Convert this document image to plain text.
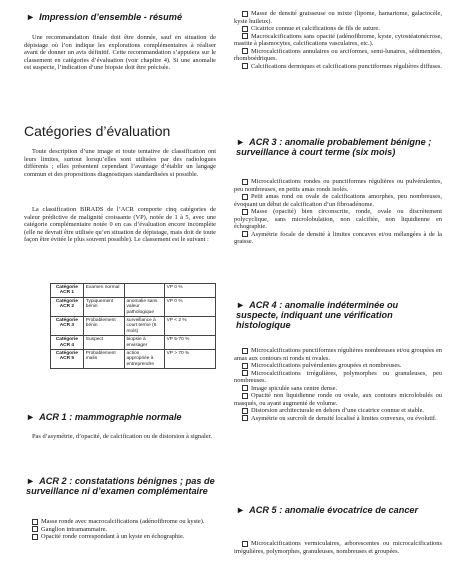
► Impression d’ensemble - résumé

Une recommandation finale doit être donnée, sauf en situation de dépistage où l’on indique les explorations complémentaires à réaliser avant de donner un avis définitif. Cette recommandation s’appuiera sur le classement en catégories d’évaluation (voir chapitre 4). Si une anomalie est suspecte, l’indication d’une biopsie doit être précisée.

Catégories d’évaluation

Toute description d’une image et toute tentative de classification ont leurs limites, surtout lorsqu’elles sont utilisées par des radiologues différents ; elles présentent cependant l’avantage d’établir un langage commun et des propositions diagnostiques standardisées si possible.

La classification BIRADS de l’ACR comporte cinq catégories de valeur prédictive de malignité croissante (VP), notée de 1 à 5, avec une catégorie complémentaire notée 0 en cas d’évaluation encore incomplète (elle ne devrait être utilisée qu’en situation de dépistage, mais doit de toute façon être évitée le plus souvent possible). Le classement est le suivant :

Catégorie ACR 1	Examen normal		VP 0 %
Catégorie ACR 2	Typiquement bénin	anomalie sans valeur pathologique	VP 0 %
Catégorie ACR 3	Probablement bénin	surveillance à court terme (6 mois)	VP < 2 %
Catégorie ACR 4	Suspect	biopsie à envisager	VP 5-70 %
Catégorie ACR 5	Probablement malin	action appropriée à entreprendre	VP > 70 %
► ACR 1 : mammographie normale

Pas d’asymétrie, d’opacité, de calcification ou de distorsion à signaler.

► ACR 2 : constatations bénignes ; pas de surveillance ni d’examen complémentaire

Masse ronde avec macrocalcifications (adénofibrome ou kyste).

Ganglion intramammaire.

Opacité ronde correspondant à un kyste en échographie.

Masse de densité graisseuse ou mixte (lipome, hamartome, galactocèle, kyste huileux).

Cicatrice connue et calcifications de fils de suture.

Macrocalcifications sans opacité (adénofibrome, kyste, cytostéatonécrose, mastite à plasmocytes, calcifications vasculaires, etc.).

Microcalcifications annulaires ou arciformes, semi-lunaires, sédimentées, rhomboédriques.

Calcifications dermiques et calcifications punctiformes régulières diffuses.

► ACR 3 : anomalie probablement bénigne ; surveillance à court terme (six mois)

Microcalcifications rondes ou punctiformes régulières ou pulvérulentes, peu nombreuses, en petits amas ronds isolés.

Petit amas rond ou ovale de calcifications amorphes, peu nombreuses, évoquant un début de calcification d’un fibroadénome.

Masse (opacité) bien circonscrite, ronde, ovale ou discrètement polycyclique, sans microlobulation, non calcifiée, non liquidienne en échographie.

Asymétrie focale de densité à limites concaves et/ou mélangées à de la graisse.

► ACR 4 : anomalie indéterminée ou suspecte, indiquant une vérification histologique

Microcalcifications punctiformes régulières nombreuses et/ou groupées en amas aux contours ni ronds ni ovales.

Microcalcifications pulvérulentes groupées et nombreuses.

Microcalcifications irrégulières, polymorphes ou granuleuses, peu nombreuses.

Image spiculée sans centre dense.

Opacité non liquidienne ronde ou ovale, aux contours microlobulés ou masqués, ou ayant augmenté de volume.

Distorsion architecturale en dehors d’une cicatrice connue et stable.

Asymétrie ou surcroît de densité localisé à limites convexes, ou évolutif.

► ACR 5 : anomalie évocatrice de cancer

Microcalcifications vermiculaires, arborescentes ou microcalcifications irrégulières, polymorphes, granuleuses, nombreuses et groupées.
